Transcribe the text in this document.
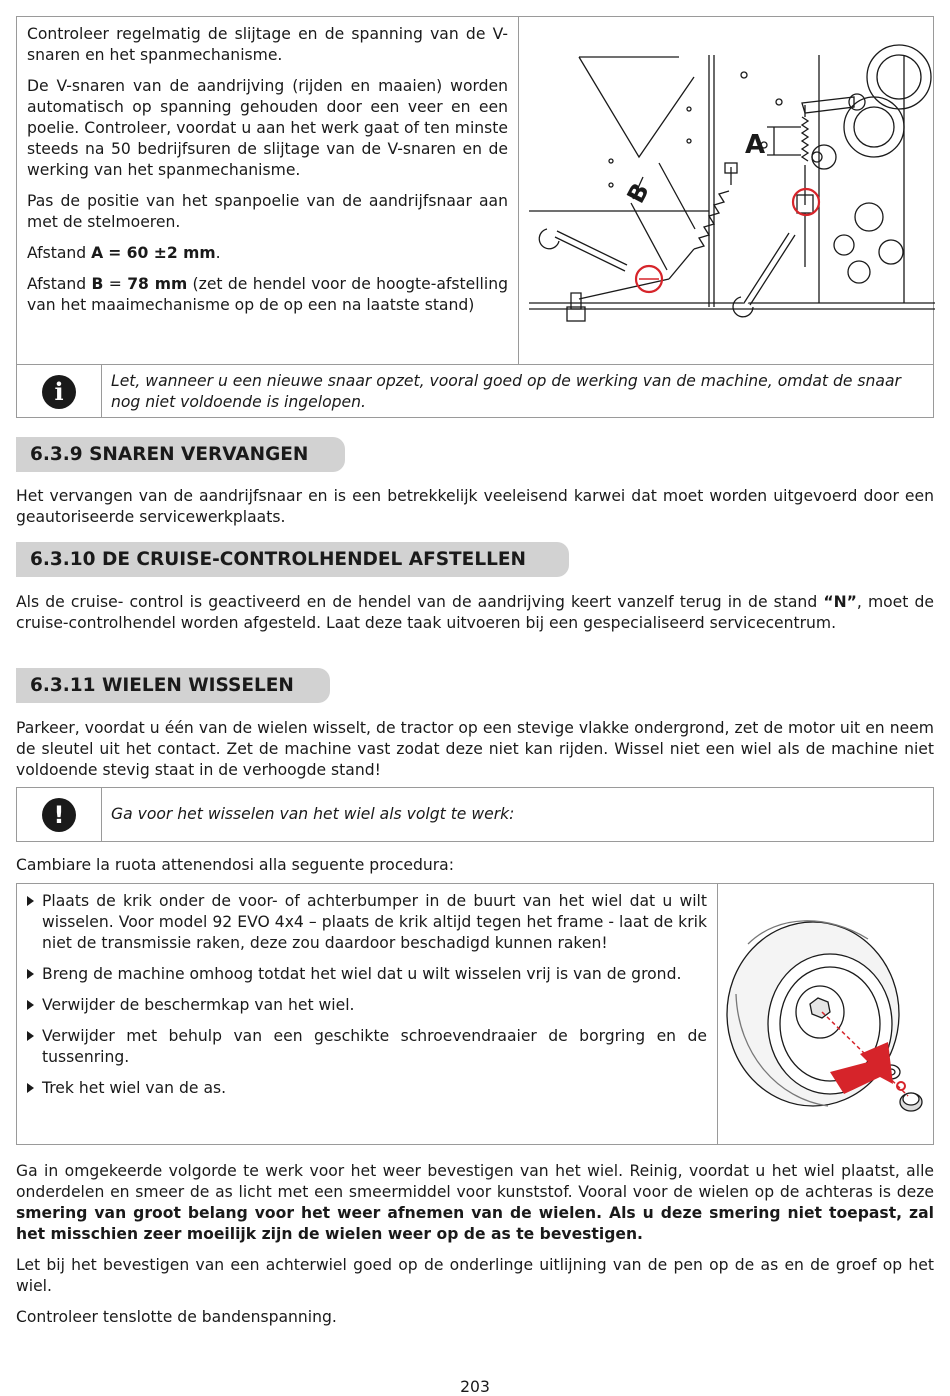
Controleer regelmatig de slijtage en de spanning van de V-snaren en het spanmechanisme.

De V-snaren van de aandrijving (rijden en maaien) worden automatisch op spanning gehouden door een veer en een poelie. Controleer, voordat u aan het werk gaat of ten minste steeds na 50 bedrijfsuren de slijtage van de V-snaren en de werking van het spanmechanisme.

Pas de positie van het spanpoelie van de aandrijfsnaar aan met de stelmoeren.

Afstand A = 60 ±2 mm.

Afstand B = 78 mm (zet de hendel voor de hoogte-afstelling van het maaimechanisme op de op een na laatste stand)

A
B
i	Let, wanneer u een nieuwe snaar opzet, vooral goed op de werking van de machine, omdat de snaar nog niet voldoende is ingelopen.
6.3.9 SNAREN VERVANGEN
Het vervangen van de aandrijfsnaar en is een betrekkelijk veeleisend karwei dat moet worden uitgevoerd door een geautoriseerde servicewerkplaats.
6.3.10 DE CRUISE-CONTROLHENDEL AFSTELLEN
Als de cruise- control is geactiveerd en de hendel van de aandrijving keert vanzelf terug in de stand “N”, moet de cruise-controlhendel worden afgesteld. Laat deze taak uitvoeren bij een gespecialiseerd servicecentrum.
6.3.11 WIELEN WISSELEN
Parkeer, voordat u één van de wielen wisselt, de tractor op een stevige vlakke ondergrond, zet de motor uit en neem de sleutel uit het contact. Zet de machine vast zodat deze niet kan rijden. Wissel niet een wiel als de machine niet voldoende stevig staat in de verhoogde stand!
!	Ga voor het wisselen van het wiel als volgt te werk:
Cambiare la ruota attenendosi alla seguente procedura:
Plaats de krik onder de voor- of achterbumper in de buurt van het wiel dat u wilt wisselen. Voor model 92 EVO 4x4 – plaats de krik altijd tegen het frame - laat de krik niet de transmissie raken, deze zou daardoor beschadigd kunnen raken!
Breng de machine omhoog totdat het wiel dat u wilt wisselen vrij is van de grond.
Verwijder de beschermkap van het wiel.
Verwijder met behulp van een geschikte schroevendraaier de borgring en de tussenring.
Trek het wiel van de as.

Ga in omgekeerde volgorde te werk voor het weer bevestigen van het wiel. Reinig, voordat u het wiel plaatst, alle onderdelen en smeer de as licht met een smeermiddel voor kunststof. Vooral voor de wielen op de achteras is deze smering van groot belang voor het weer afnemen van de wielen. Als u deze smering niet toepast, zal het misschien zeer moeilijk zijn de wielen weer op de as te bevestigen.

Let bij het bevestigen van een achterwiel goed op de onderlinge uitlijning van de pen op de as en de groef op het wiel.

Controleer tenslotte de bandenspanning.

203
